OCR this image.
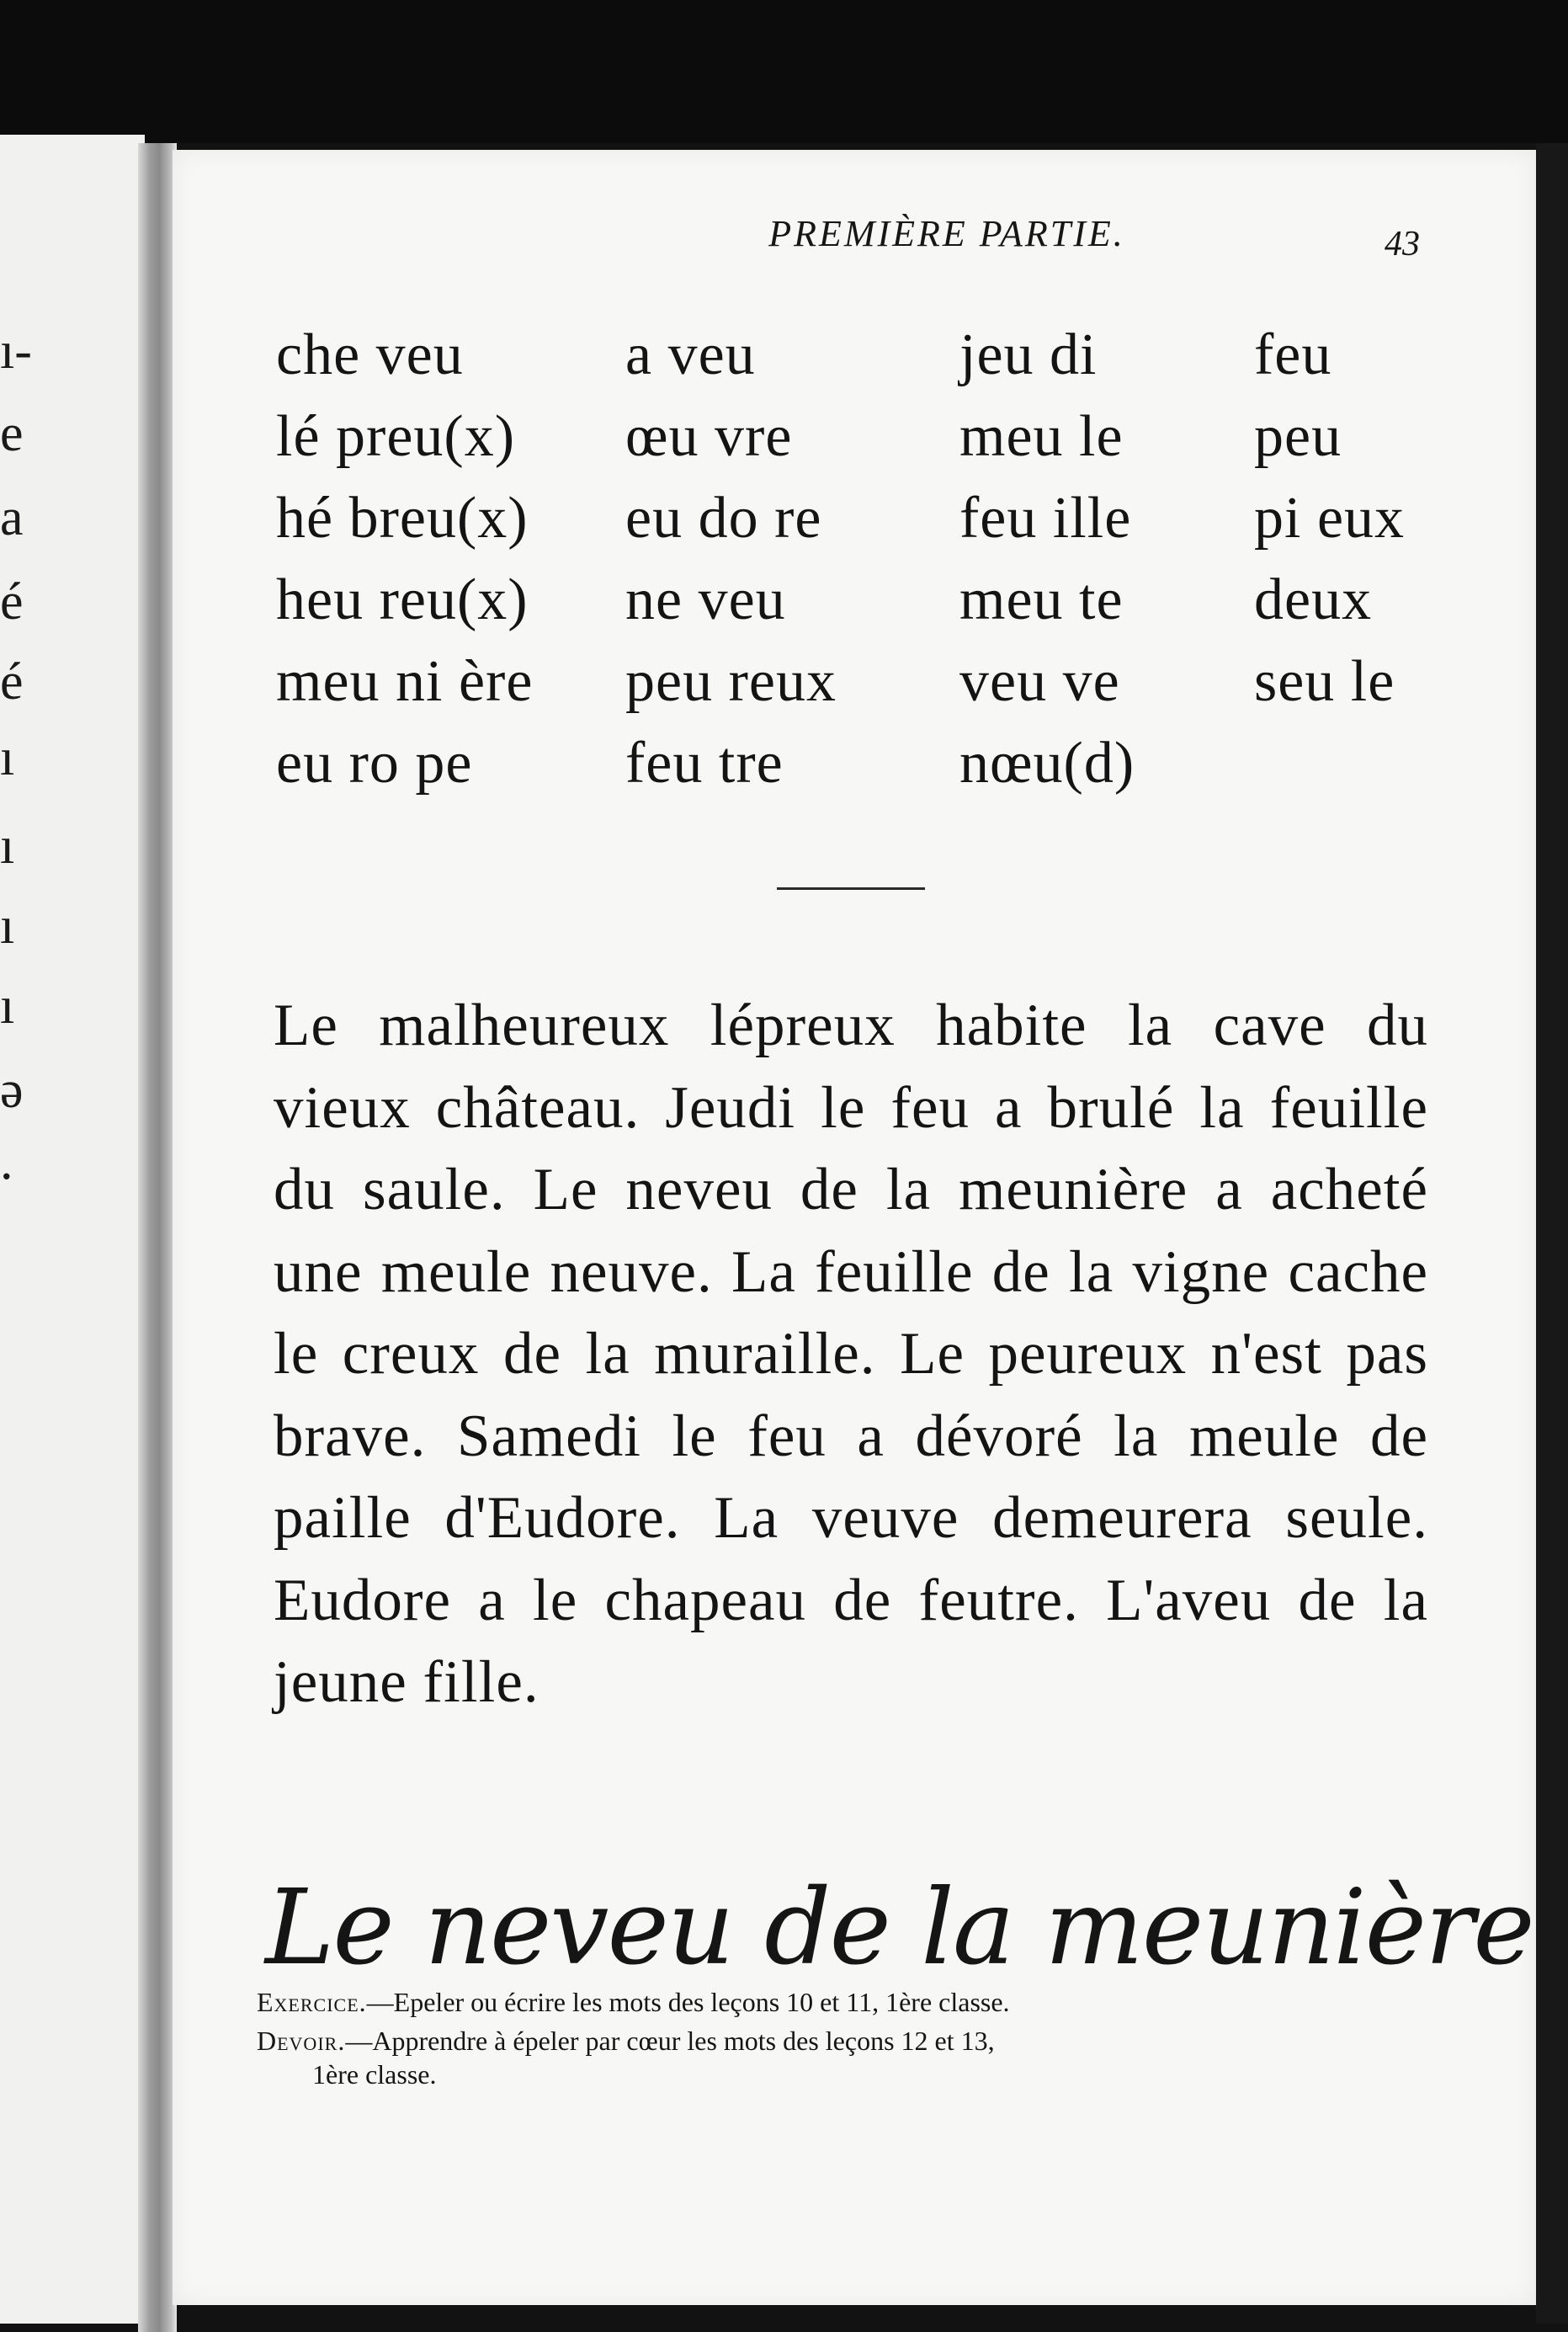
ı-
e
a
é
é
ı
ı
ı
ı
ə
.
PREMIÈRE PARTIE.	43
che veu
lé preu(x)
hé breu(x)
heu reu(x)
meu ni ère
eu ro pe
a veu
œu vre
eu do re
ne veu
peu reux
feu tre
jeu di
meu le
feu ille
meu te
veu ve
nœu(d)
feu
peu
pi eux
deux
seu le
Le malheureux lépreux habite la cave du vieux château. Jeudi le feu a brulé la feuille du saule. Le neveu de la meunière a acheté une meule neuve. La feuille de la vigne cache le creux de la muraille. Le peureux n'est pas brave. Samedi le feu a dévoré la meule de paille d'Eudore. La veuve demeurera seule. Eudore a le chapeau de feutre. L'aveu de la jeune fille.
Le neveu de la meunière
Exercice.—Epeler ou écrire les mots des leçons 10 et 11, 1ère classe.
Devoir.—Apprendre à épeler par cœur les mots des leçons 12 et 13,
1ère classe.
